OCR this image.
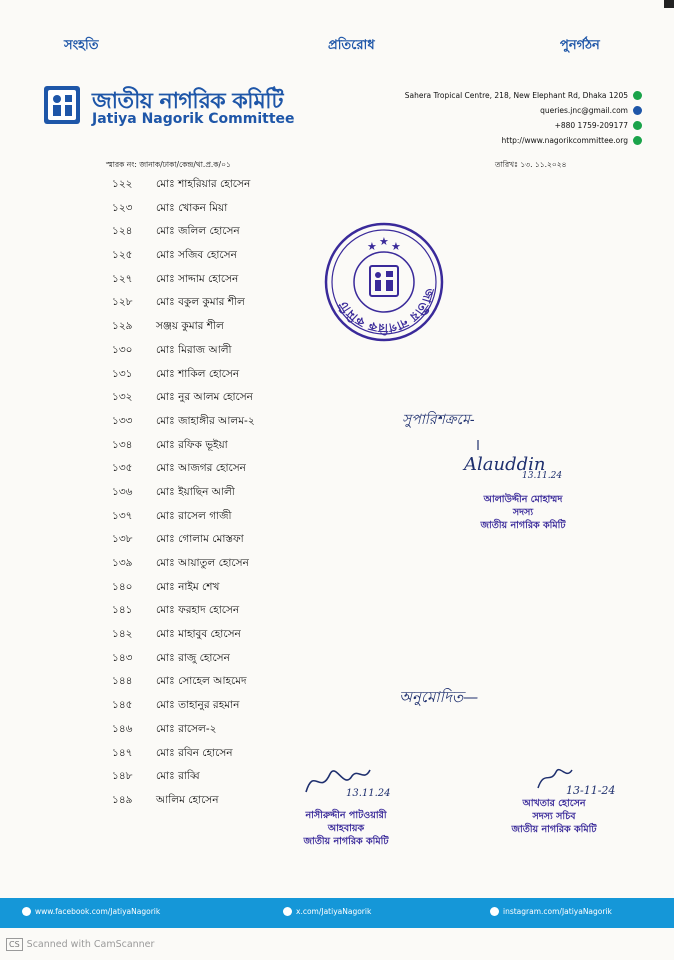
সংহতি	প্রতিরোধ	পুনর্গঠন
জাতীয় নাগরিক কমিটি
Jatiya Nagorik Committee
Sahera Tropical Centre, 218, New Elephant Rd, Dhaka 1205
queries.jnc@gmail.com
+880 1759-209177
http://www.nagorikcommittee.org
স্মারক নং: জানাক/ঢাকা/কেন্দ্র/থা.প্র.ক/০১	তারিখঃ ১৩. ১১.২০২৪
১২২	মোঃ শাহরিয়ার হোসেন
১২৩	মোঃ খোকন মিয়া
১২৪	মোঃ জলিল হোসেন
১২৫	মোঃ সজিব হোসেন
১২৭	মোঃ সাদ্দাম হোসেন
১২৮	মোঃ বকুল কুমার শীল
১২৯	সঞ্জয় কুমার শীল
১৩০	মোঃ মিরাজ আলী
১৩১	মোঃ শাকিল হোসেন
১৩২	মোঃ নুর আলম হোসেন
১৩৩	মোঃ জাহাঙ্গীর আলম-২
১৩৪	মোঃ রফিক ভূইয়া
১৩৫	মোঃ আজগর হোসেন
১৩৬	মোঃ ইয়াছিন আলী
১৩৭	মোঃ রাসেল গাজী
১৩৮	মোঃ গোলাম মোস্তফা
১৩৯	মোঃ আয়াতুল হোসেন
১৪০	মোঃ নাইম শেখ
১৪১	মোঃ ফরহাদ হোসেন
১৪২	মোঃ মাহাবুব হোসেন
১৪৩	মোঃ রাজু হোসেন
১৪৪	মোঃ সোহেল আহমেদ
১৪৫	মোঃ তাহানুর রহমান
১৪৬	মোঃ রাসেল-২
১৪৭	মোঃ রবিন হোসেন
১৪৮	মোঃ রাব্বি
১৪৯	আলিম হোসেন
জাতীয় নাগরিক কমিটি
★ ★ ★
সুপারিশক্রমে-
Alauddin
13.11.24
আলাউদ্দীন মোহাম্মদ
সদস্য
জাতীয় নাগরিক কমিটি
অনুমোদিত—
13.11.24
নাসীরুদ্দীন পাটওয়ারী
আহবায়ক
জাতীয় নাগরিক কমিটি
13-11-24
আখতার হোসেন
সদস্য সচিব
জাতীয় নাগরিক কমিটি
www.facebook.com/JatiyaNagorik	x.com/JatiyaNagorik	instagram.com/JatiyaNagorik
CS Scanned with CamScanner
